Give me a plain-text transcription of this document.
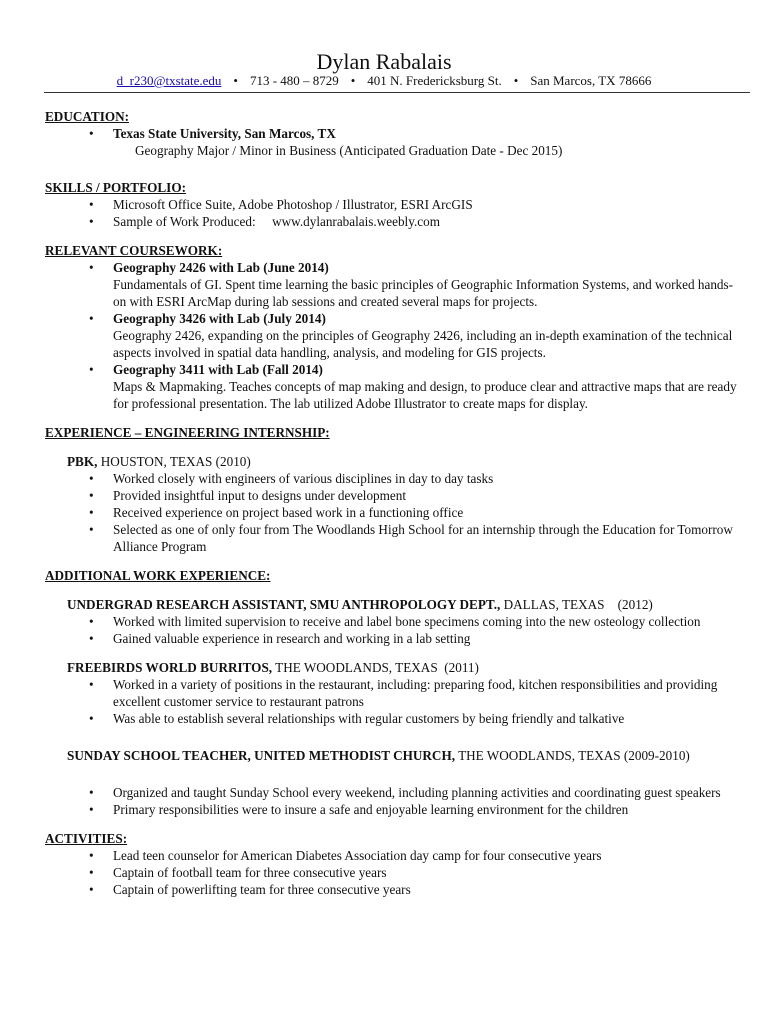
Dylan Rabalais
d_r230@txstate.edu • 713 - 480 – 8729 • 401 N. Fredericksburg St. • San Marcos, TX 78666
EDUCATION:
• Texas State University, San Marcos, TX
Geography Major / Minor in Business (Anticipated Graduation Date - Dec 2015)
SKILLS / PORTFOLIO:
• Microsoft Office Suite, Adobe Photoshop / Illustrator, ESRI ArcGIS
• Sample of Work Produced:     www.dylanrabalais.weebly.com
RELEVANT COURSEWORK:
• Geography 2426 with Lab (June 2014)
Fundamentals of GI. Spent time learning the basic principles of Geographic Information Systems, and worked hands-on with ESRI ArcMap during lab sessions and created several maps for projects.
• Geography 3426 with Lab (July 2014)
Geography 2426, expanding on the principles of Geography 2426, including an in-depth examination of the technical aspects involved in spatial data handling, analysis, and modeling for GIS projects.
• Geography 3411 with Lab (Fall 2014)
Maps & Mapmaking. Teaches concepts of map making and design, to produce clear and attractive maps that are ready for professional presentation. The lab utilized Adobe Illustrator to create maps for display.
EXPERIENCE – ENGINEERING INTERNSHIP:
PBK, HOUSTON, TEXAS (2010)
• Worked closely with engineers of various disciplines in day to day tasks
• Provided insightful input to designs under development
• Received experience on project based work in a functioning office
• Selected as one of only four from The Woodlands High School for an internship through the Education for Tomorrow Alliance Program
ADDITIONAL WORK EXPERIENCE:
UNDERGRAD RESEARCH ASSISTANT, SMU ANTHROPOLOGY DEPT., DALLAS, TEXAS    (2012)
• Worked with limited supervision to receive and label bone specimens coming into the new osteology collection
• Gained valuable experience in research and working in a lab setting
FREEBIRDS WORLD BURRITOS, THE WOODLANDS, TEXAS  (2011)
• Worked in a variety of positions in the restaurant, including: preparing food, kitchen responsibilities and providing excellent customer service to restaurant patrons
• Was able to establish several relationships with regular customers by being friendly and talkative
SUNDAY SCHOOL TEACHER, UNITED METHODIST CHURCH, THE WOODLANDS, TEXAS (2009-2010)
• Organized and taught Sunday School every weekend, including planning activities and coordinating guest speakers
• Primary responsibilities were to insure a safe and enjoyable learning environment for the children
ACTIVITIES:
• Lead teen counselor for American Diabetes Association day camp for four consecutive years
• Captain of football team for three consecutive years
• Captain of powerlifting team for three consecutive years
